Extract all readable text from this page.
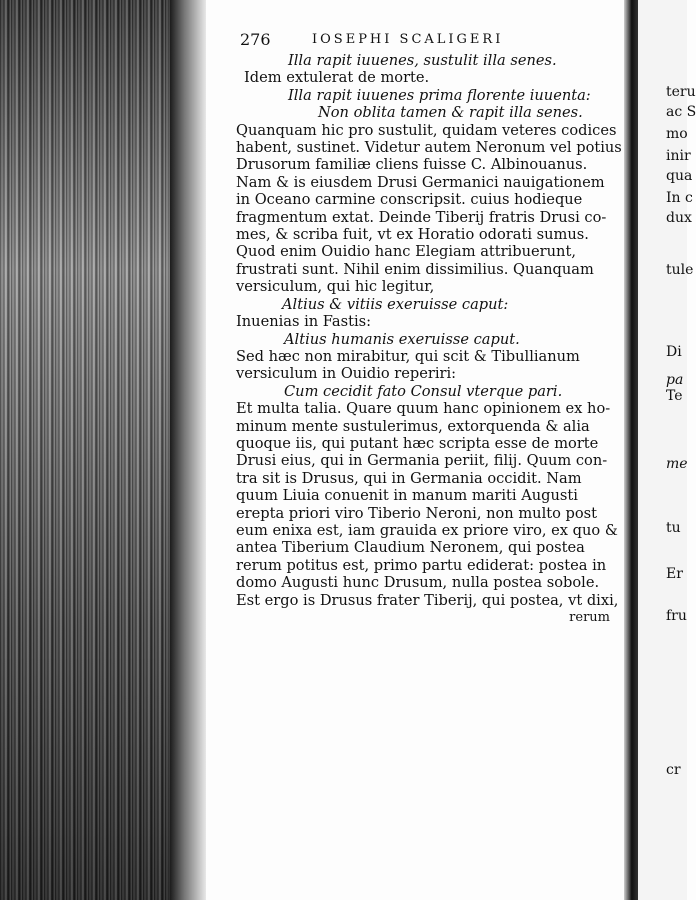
276	IOSEPHI SCALIGERI
Illa rapit iuuenes, sustulit illa senes.
Idem extulerat de morte.
Illa rapit iuuenes prima florente iuuenta:
Non oblita tamen & rapit illa senes.
Quanquam hic pro sustulit, quidam veteres codices
habent, sustinet. Videtur autem Neronum vel potius
Drusorum familiæ cliens fuisse C. Albinouanus.
Nam & is eiusdem Drusi Germanici nauigationem
in Oceano carmine conscripsit. cuius hodieque
fragmentum extat. Deinde Tiberij fratris Drusi co-
mes, & scriba fuit, vt ex Horatio odorati sumus.
Quod enim Ouidio hanc Elegiam attribuerunt,
frustrati sunt. Nihil enim dissimilius. Quanquam
versiculum, qui hic legitur,
Altius & vitiis exeruisse caput:
Inuenias in Fastis:
Altius humanis exeruisse caput.
Sed hæc non mirabitur, qui scit & Tibullianum
versiculum in Ouidio reperiri:
Cum cecidit fato Consul vterque pari.
Et multa talia. Quare quum hanc opinionem ex ho-
minum mente sustulerimus, extorquenda & alia
quoque iis, qui putant hæc scripta esse de morte
Drusi eius, qui in Germania periit, filij. Quum con-
tra sit is Drusus, qui in Germania occidit. Nam
quum Liuia conuenit in manum mariti Augusti
erepta priori viro Tiberio Neroni, non multo post
eum enixa est, iam grauida ex priore viro, ex quo &
antea Tiberium Claudium Neronem, qui postea
rerum potitus est, primo partu ediderat: postea in
domo Augusti hunc Drusum, nulla postea sobole.
Est ergo is Drusus frater Tiberij, qui postea, vt dixi,
rerum
teru
ac S
mo
inir
qua
In c
dux
tule
Di
pa
Te
me
tu
Er
fru
cr
